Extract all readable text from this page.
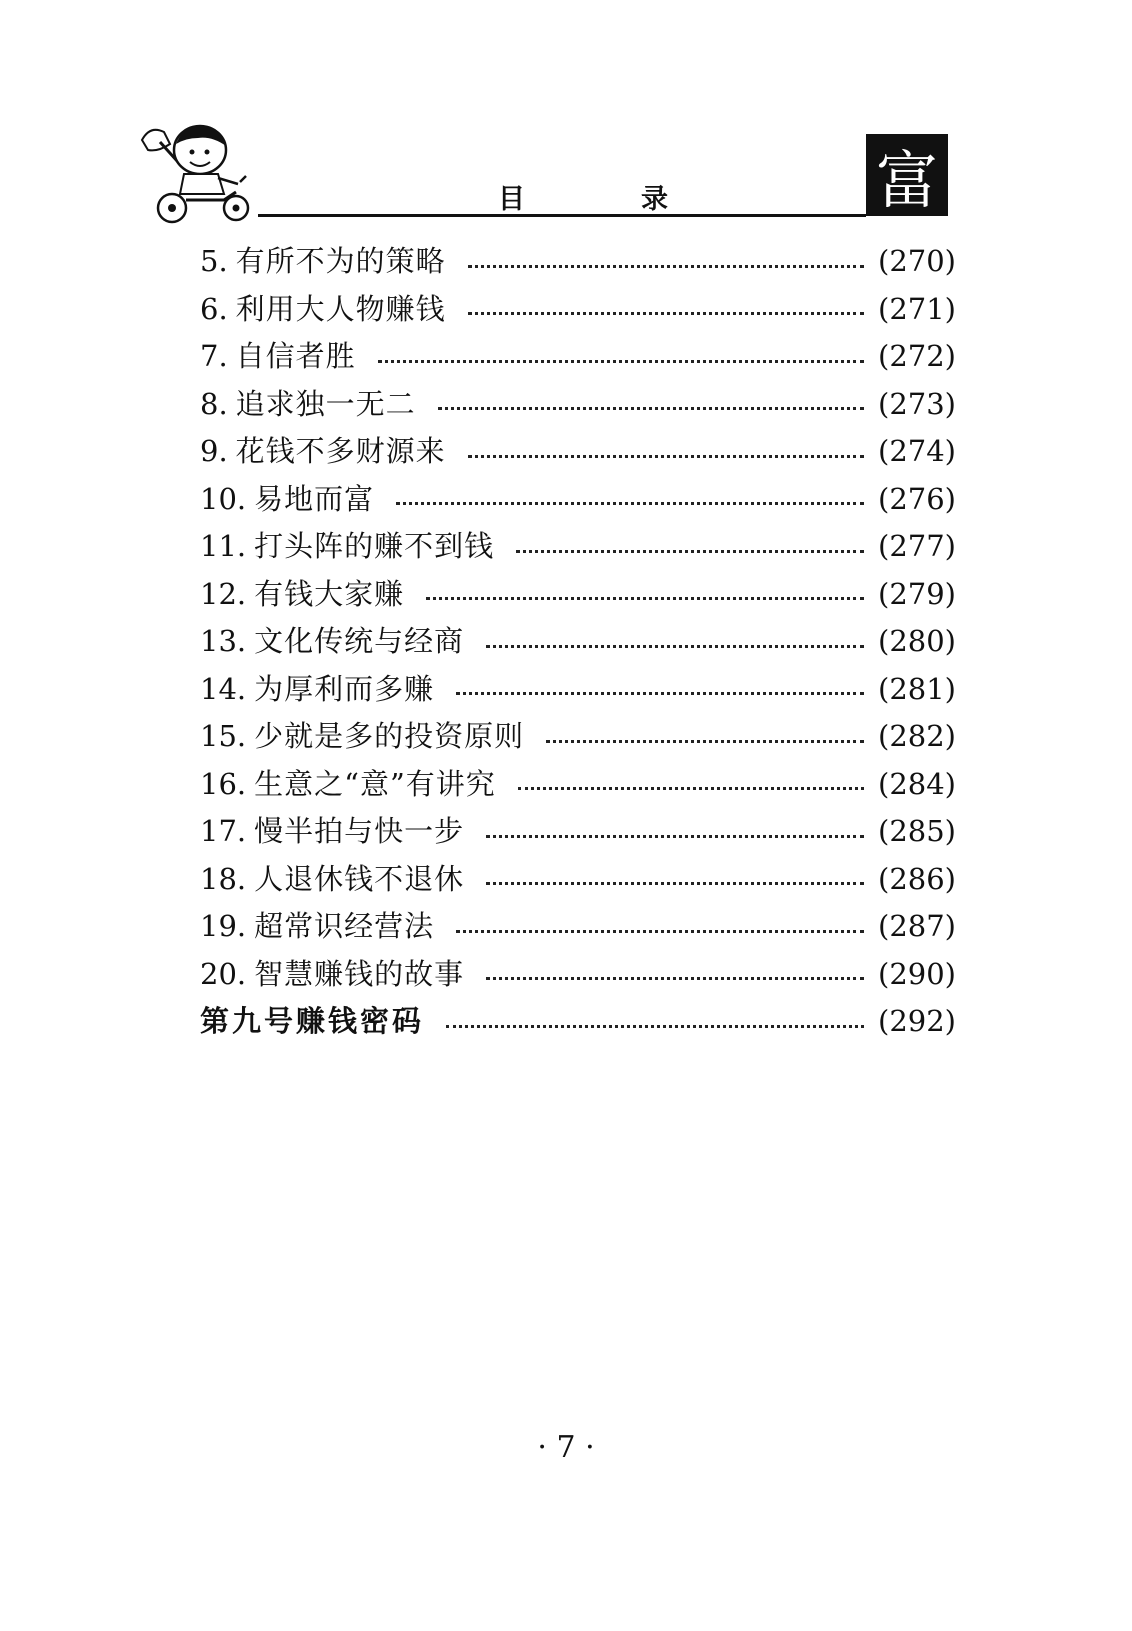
目	录	富
5. 有所不为的策略	(270)
6. 利用大人物赚钱	(271)
7. 自信者胜	(272)
8. 追求独一无二	(273)
9. 花钱不多财源来	(274)
10. 易地而富	(276)
11. 打头阵的赚不到钱	(277)
12. 有钱大家赚	(279)
13. 文化传统与经商	(280)
14. 为厚利而多赚	(281)
15. 少就是多的投资原则	(282)
16. 生意之“意”有讲究	(284)
17. 慢半拍与快一步	(285)
18. 人退休钱不退休	(286)
19. 超常识经营法	(287)
20. 智慧赚钱的故事	(290)
第九号赚钱密码	(292)
· 7 ·
